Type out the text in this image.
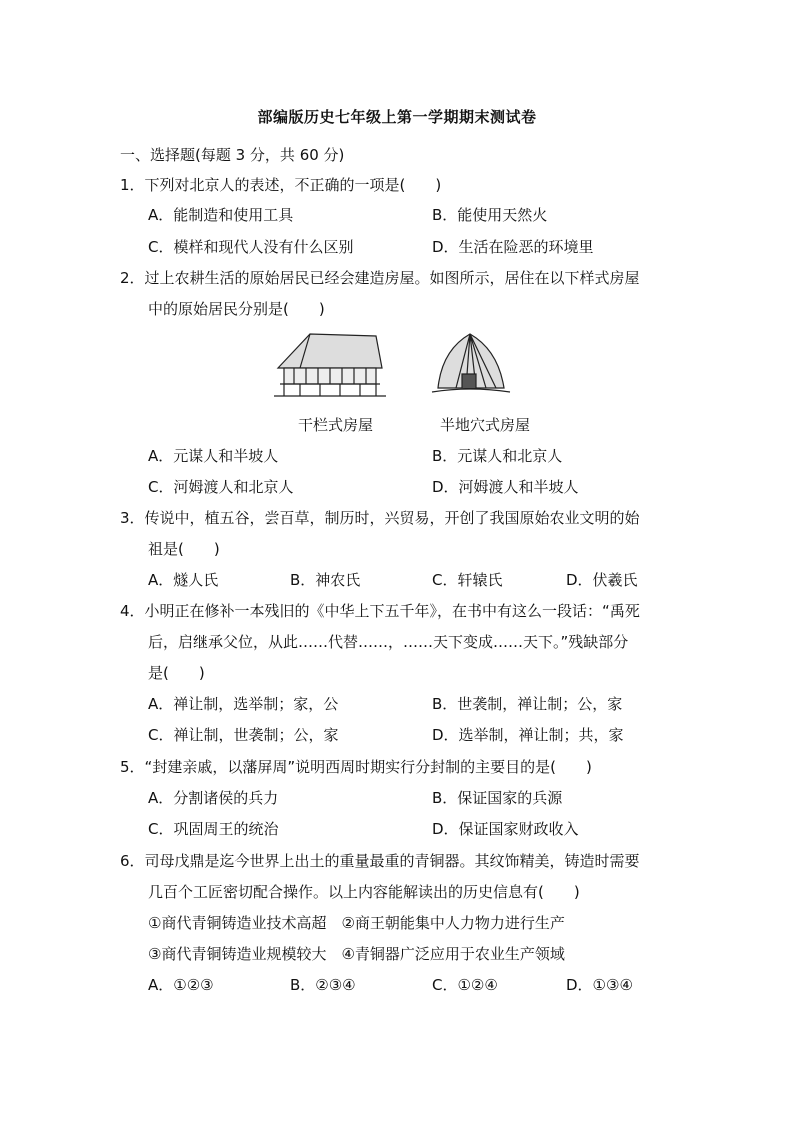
部编版历史七年级上第一学期期末测试卷
一、选择题(每题 3 分，共 60 分)
1．下列对北京人的表述，不正确的一项是(　　)
A．能制造和使用工具	B．能使用天然火
C．模样和现代人没有什么区别	D．生活在险恶的环境里
2．过上农耕生活的原始居民已经会建造房屋。如图所示，居住在以下样式房屋
中的原始居民分别是(　　)
干栏式房屋	半地穴式房屋
A．元谋人和半坡人	B．元谋人和北京人
C．河姆渡人和北京人	D．河姆渡人和半坡人
3．传说中，植五谷，尝百草，制历时，兴贸易，开创了我国原始农业文明的始
祖是(　　)
A．燧人氏	B．神农氏	C．轩辕氏	D．伏羲氏
4．小明正在修补一本残旧的《中华上下五千年》，在书中有这么一段话：“禹死
后，启继承父位，从此……代替……，……天下变成……天下。”残缺部分
是(　　)
A．禅让制，选举制；家，公	B．世袭制，禅让制；公，家
C．禅让制，世袭制；公，家	D．选举制，禅让制；共，家
5．“封建亲戚，以藩屏周”说明西周时期实行分封制的主要目的是(　　)
A．分割诸侯的兵力	B．保证国家的兵源
C．巩固周王的统治	D．保证国家财政收入
6．司母戊鼎是迄今世界上出土的重量最重的青铜器。其纹饰精美，铸造时需要
几百个工匠密切配合操作。以上内容能解读出的历史信息有(　　)
①商代青铜铸造业技术高超　②商王朝能集中人力物力进行生产
③商代青铜铸造业规模较大　④青铜器广泛应用于农业生产领域
A．①②③	B．②③④	C．①②④	D．①③④
